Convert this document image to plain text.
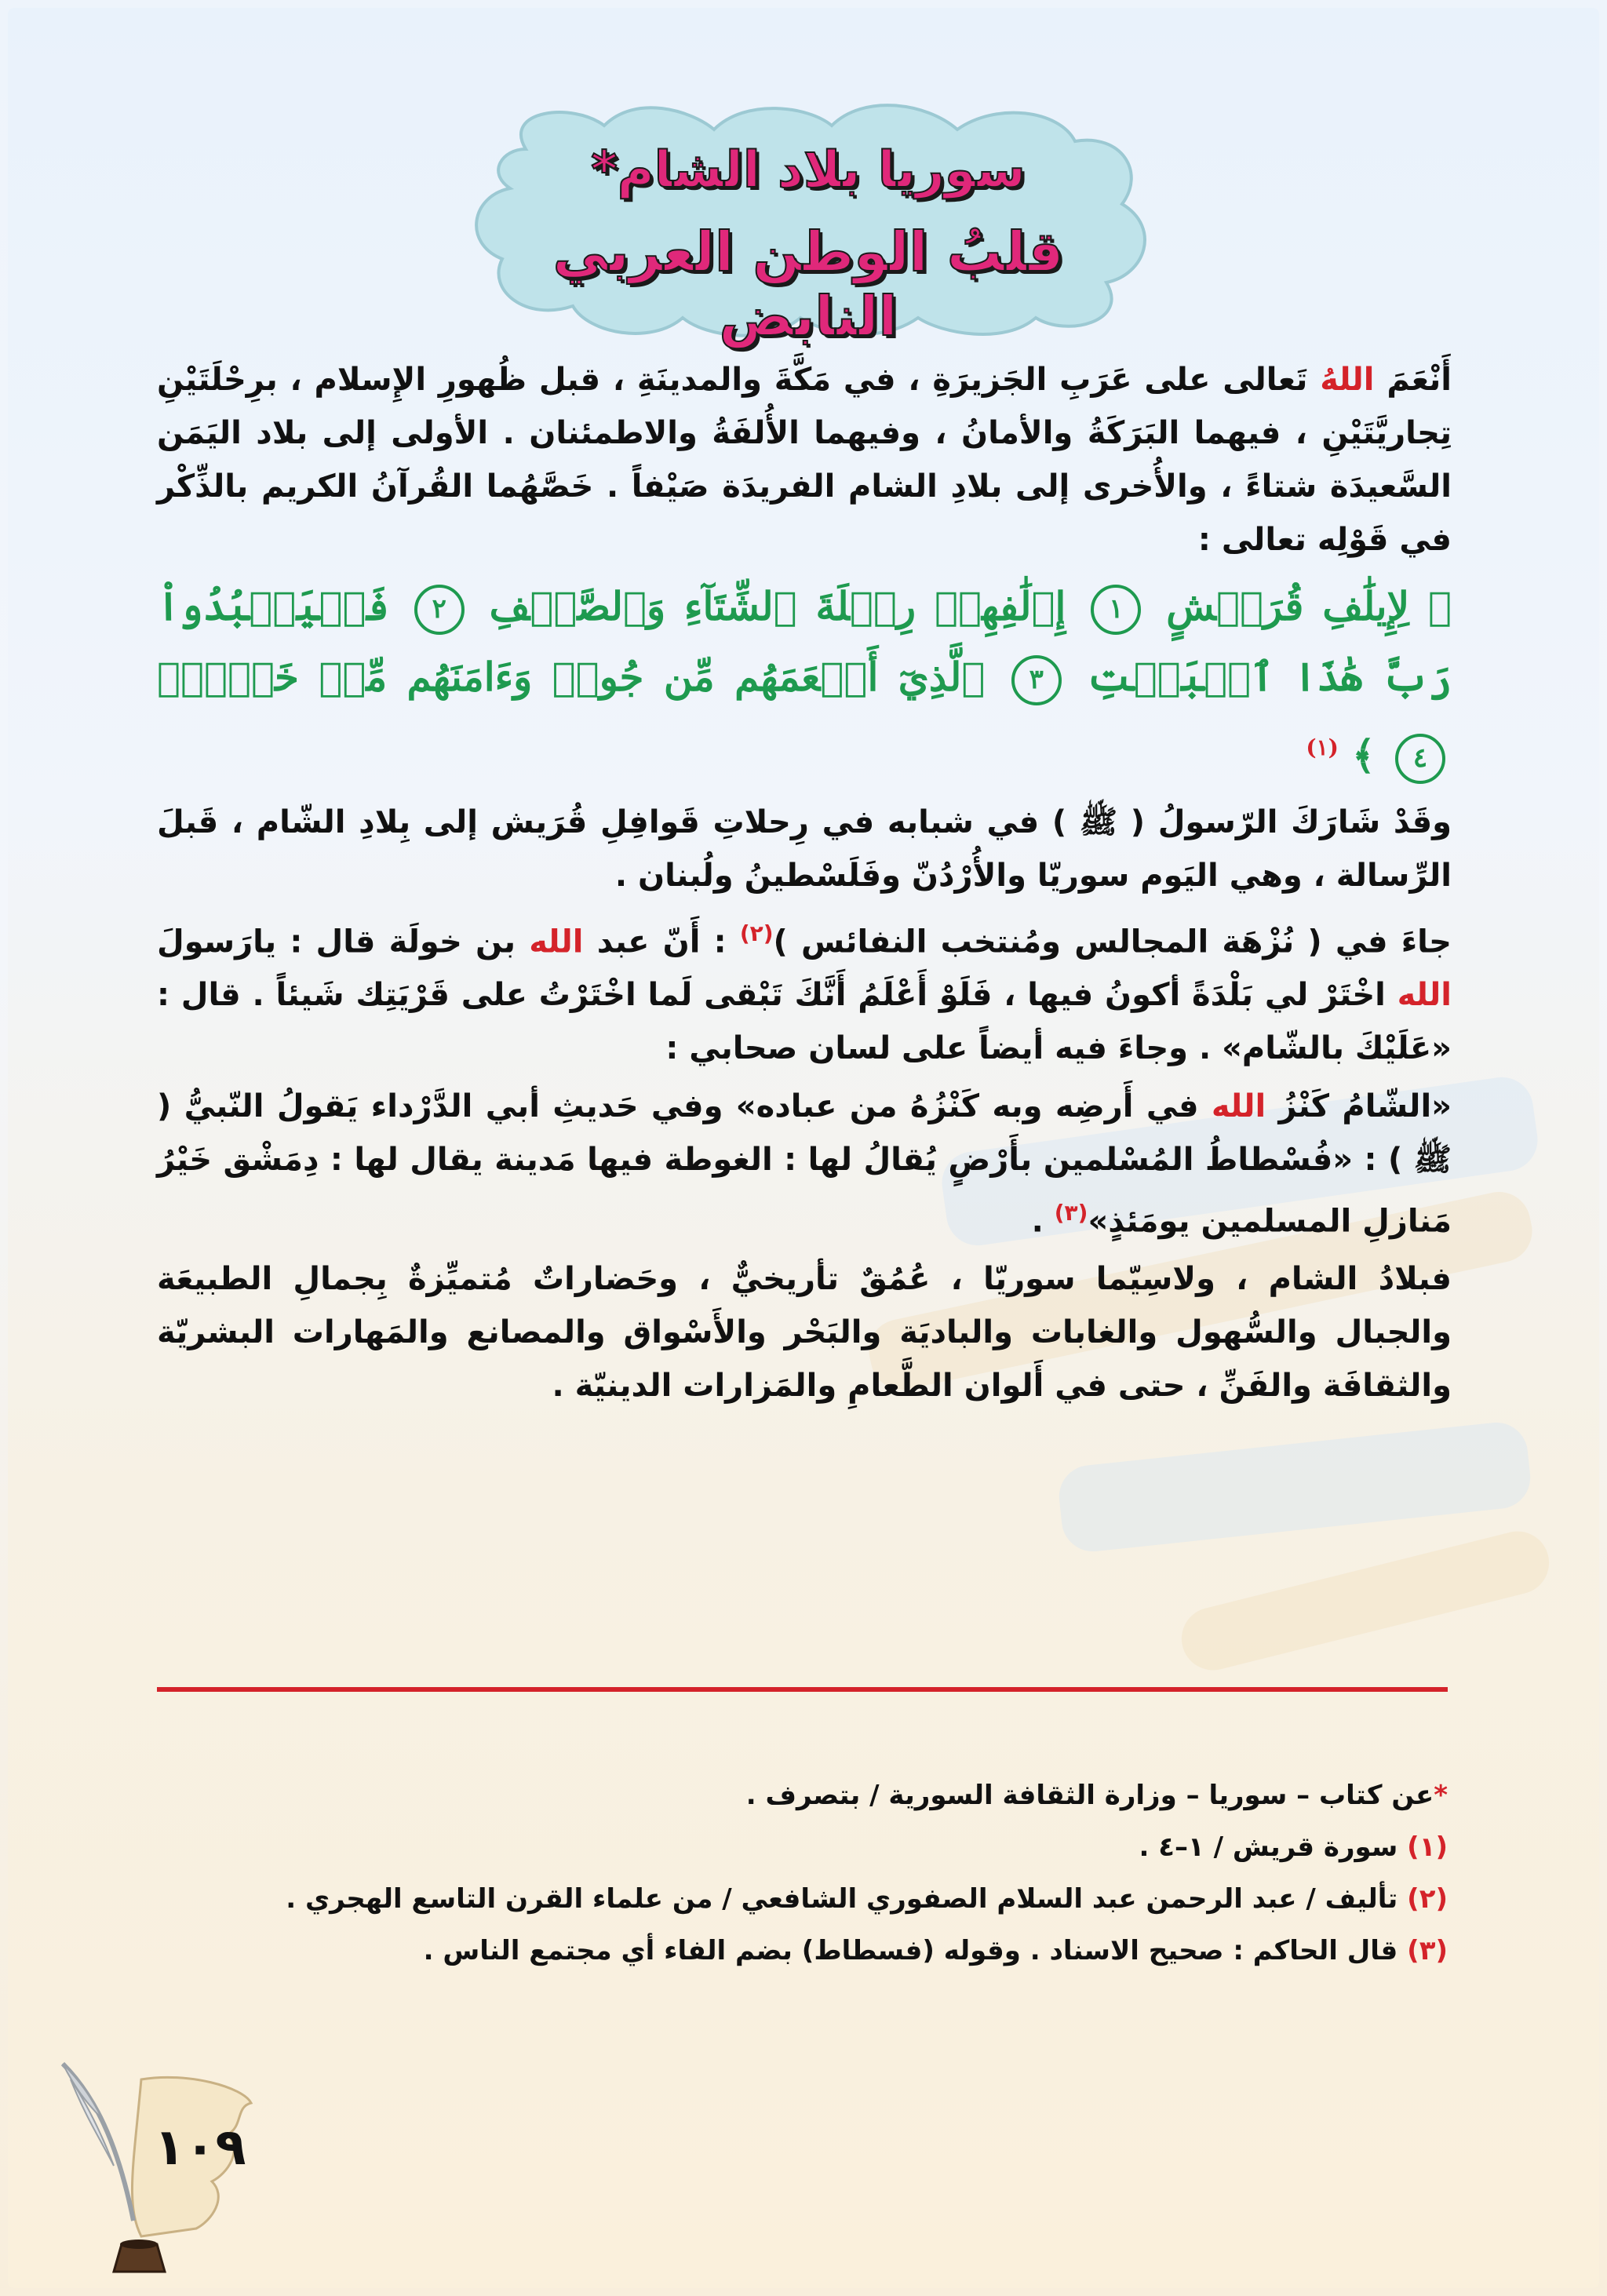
سوريا بلاد الشام*
قلبُ الوطن العربي النابض

أَنْعَمَ اللهُ تَعالى على عَرَبِ الجَزيرَةِ ، في مَكَّةَ والمدينَةِ ، قبل ظُهورِ الإِسلام ، برِحْلَتَيْنِ تِجاريَّتَيْنِ ، فيهما البَرَكَةُ والأمانُ ، وفيهما الأُلفَةُ والاطمئنان . الأولى إلى بلاد اليَمَن السَّعيدَة شتاءً ، والأُخرى إلى بلادِ الشام الفريدَة صَيْفاً . خَصَّهُما القُرآنُ الكريم بالذِّكْر في قَوْلِه تعالى :

﴿ لِإِيلَٰفِ قُرَيۡشٍ ١ إِۦلَٰفِهِمۡ رِحۡلَةَ ٱلشِّتَآءِ وَٱلصَّيۡفِ ٢ فَلۡيَعۡبُدُواْ رَبَّ هَٰذَا ٱلۡبَيۡتِ ٣ ٱلَّذِيٓ أَطۡعَمَهُم مِّن جُوعٖ وَءَامَنَهُم مِّنۡ خَوۡفِۭ ٤ ﴾ $^{(١)}$

وقَدْ شَارَكَ الرّسولُ ( ﷺ ) في شبابه في رِحلاتِ قَوافِلِ قُرَيش إلى بِلادِ الشّام ، قَبلَ الرِّسالة ، وهي اليَوم سوريّا والأُرْدُنّ وفَلَسْطينُ ولُبنان .

جاءَ في ( نُزْهَة المجالس ومُنتخب النفائس )$^{(٢)}$ : أَنّ عبد الله بن خولَة قال : يارَسولَ الله اخْتَرْ لي بَلْدَةً أكونُ فيها ، فَلَوْ أَعْلَمُ أَنَّكَ تَبْقى لَما اخْتَرْتُ على قَرْيَتِك شَيئاً . قال : «عَلَيْكَ بالشّام» . وجاءَ فيه أيضاً على لسان صحابي :

«الشّامُ كَنْزُ الله في أَرضِه وبه كَنْزُهُ من عباده» وفي حَديثِ أبي الدَّرْداء يَقولُ النّبيُّ ( ﷺ ) : «فُسْطاطُ المُسْلمين بأَرْضٍ يُقالُ لها : الغوطة فيها مَدينة يقال لها : دِمَشْق خَيْرُ مَنازلِ المسلمين يومَئذٍ»$^{(٣)}$ .

فبلادُ الشام ، ولاسِيّما سوريّا ، عُمُقٌ تأريخيٌّ ، وحَضاراتٌ مُتميِّزةٌ بِجمالِ الطبيعَة والجبال والسُّهول والغابات والباديَة والبَحْر والأَسْواق والمصانع والمَهارات البشريّة والثقافَة والفَنِّ ، حتى في أَلوان الطَّعامِ والمَزارات الدينيّة .

*عن كتاب – سوريا – وزارة الثقافة السورية / بتصرف .
(١) سورة قريش / ١–٤ .
(٢) تأليف / عبد الرحمن عبد السلام الصفوري الشافعي / من علماء القرن التاسع الهجري .
(٣) قال الحاكم : صحيح الاسناد . وقوله (فسطاط) بضم الفاء أي مجتمع الناس .
١٠٩
